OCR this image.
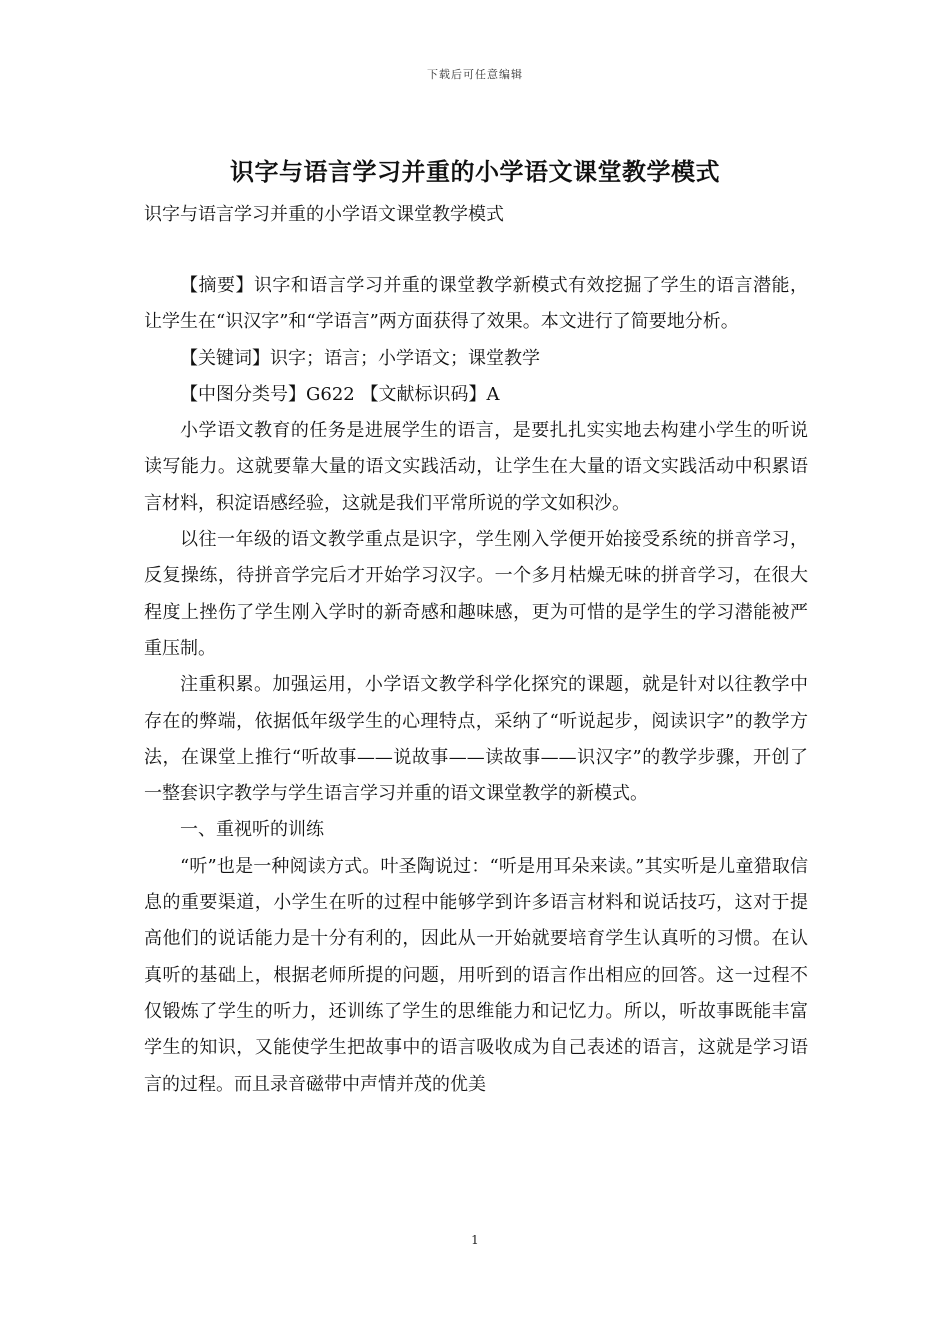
下载后可任意编辑
识字与语言学习并重的小学语文课堂教学模式

识字与语言学习并重的小学语文课堂教学模式

【摘要】识字和语言学习并重的课堂教学新模式有效挖掘了学生的语言潜能，让学生在“识汉字”和“学语言”两方面获得了效果。本文进行了简要地分析。

【关键词】识字；语言；小学语文；课堂教学

【中图分类号】G622 【文献标识码】A

小学语文教育的任务是进展学生的语言，是要扎扎实实地去构建小学生的听说读写能力。这就要靠大量的语文实践活动，让学生在大量的语文实践活动中积累语言材料，积淀语感经验，这就是我们平常所说的学文如积沙。

以往一年级的语文教学重点是识字，学生刚入学便开始接受系统的拼音学习，反复操练，待拼音学完后才开始学习汉字。一个多月枯燥无味的拼音学习，在很大程度上挫伤了学生刚入学时的新奇感和趣味感，更为可惜的是学生的学习潜能被严重压制。

注重积累。加强运用，小学语文教学科学化探究的课题，就是针对以往教学中存在的弊端，依据低年级学生的心理特点，采纳了“听说起步，阅读识字”的教学方法，在课堂上推行“听故事——说故事——读故事——识汉字”的教学步骤，开创了一整套识字教学与学生语言学习并重的语文课堂教学的新模式。

一、重视听的训练

“听”也是一种阅读方式。叶圣陶说过：“听是用耳朵来读。”其实听是儿童猎取信息的重要渠道，小学生在听的过程中能够学到许多语言材料和说话技巧，这对于提高他们的说话能力是十分有利的，因此从一开始就要培育学生认真听的习惯。在认真听的基础上，根据老师所提的问题，用听到的语言作出相应的回答。这一过程不仅锻炼了学生的听力，还训练了学生的思维能力和记忆力。所以，听故事既能丰富学生的知识，又能使学生把故事中的语言吸收成为自己表述的语言，这就是学习语言的过程。而且录音磁带中声情并茂的优美

1
